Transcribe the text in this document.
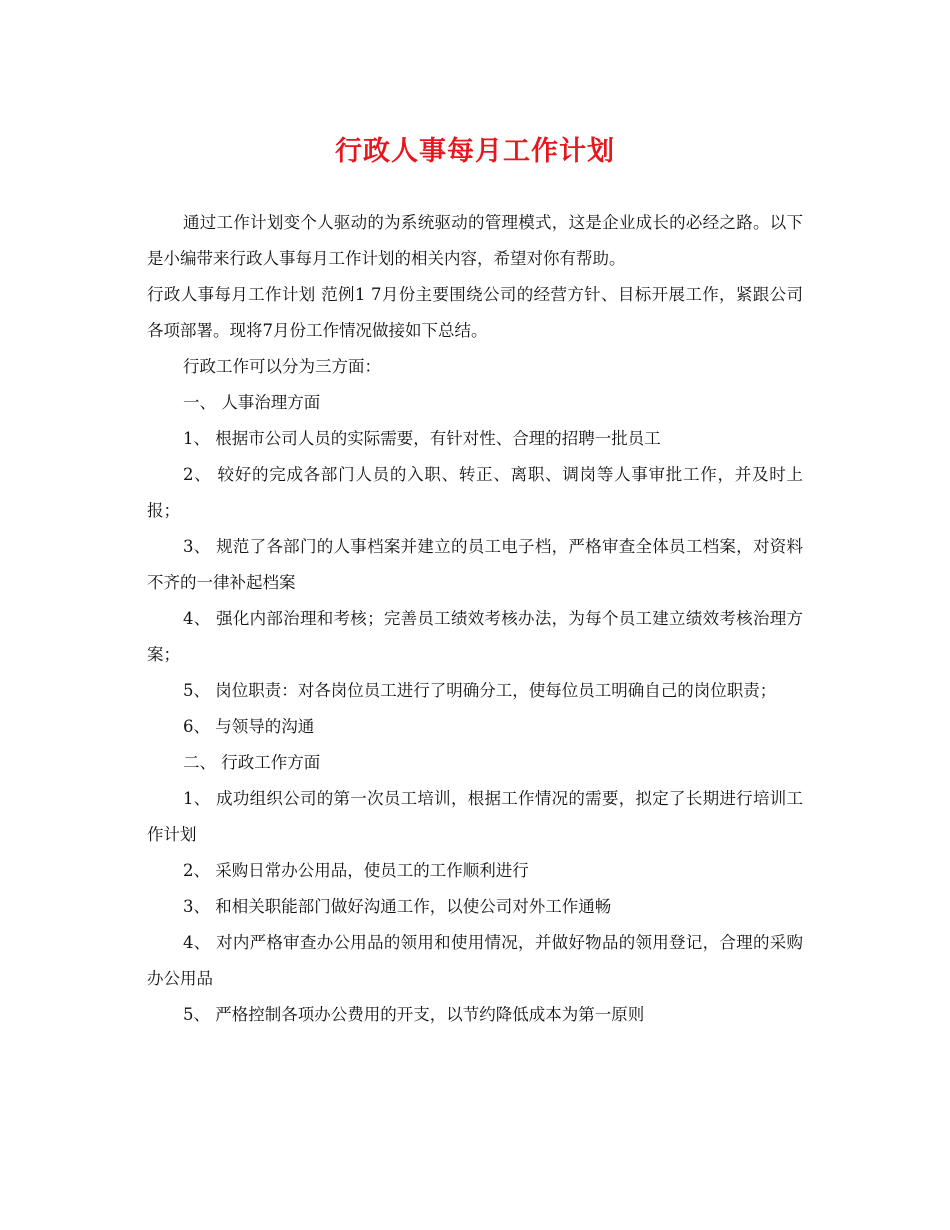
行政人事每月工作计划

通过工作计划变个人驱动的为系统驱动的管理模式，这是企业成长的必经之路。以下是小编带来行政人事每月工作计划的相关内容，希望对你有帮助。

行政人事每月工作计划 范例1 7月份主要围绕公司的经营方针、目标开展工作，紧跟公司各项部署。现将7月份工作情况做接如下总结。

行政工作可以分为三方面：

一、 人事治理方面

1、 根据市公司人员的实际需要，有针对性、合理的招聘一批员工

2、 较好的完成各部门人员的入职、转正、离职、调岗等人事审批工作，并及时上报；

3、 规范了各部门的人事档案并建立的员工电子档，严格审查全体员工档案，对资料不齐的一律补起档案

4、 强化内部治理和考核；完善员工绩效考核办法，为每个员工建立绩效考核治理方案；

5、 岗位职责：对各岗位员工进行了明确分工，使每位员工明确自己的岗位职责；

6、 与领导的沟通

二、 行政工作方面

1、 成功组织公司的第一次员工培训，根据工作情况的需要，拟定了长期进行培训工作计划

2、 采购日常办公用品，使员工的工作顺利进行

3、 和相关职能部门做好沟通工作，以使公司对外工作通畅

4、 对内严格审查办公用品的领用和使用情况，并做好物品的领用登记，合理的采购办公用品

5、 严格控制各项办公费用的开支，以节约降低成本为第一原则
